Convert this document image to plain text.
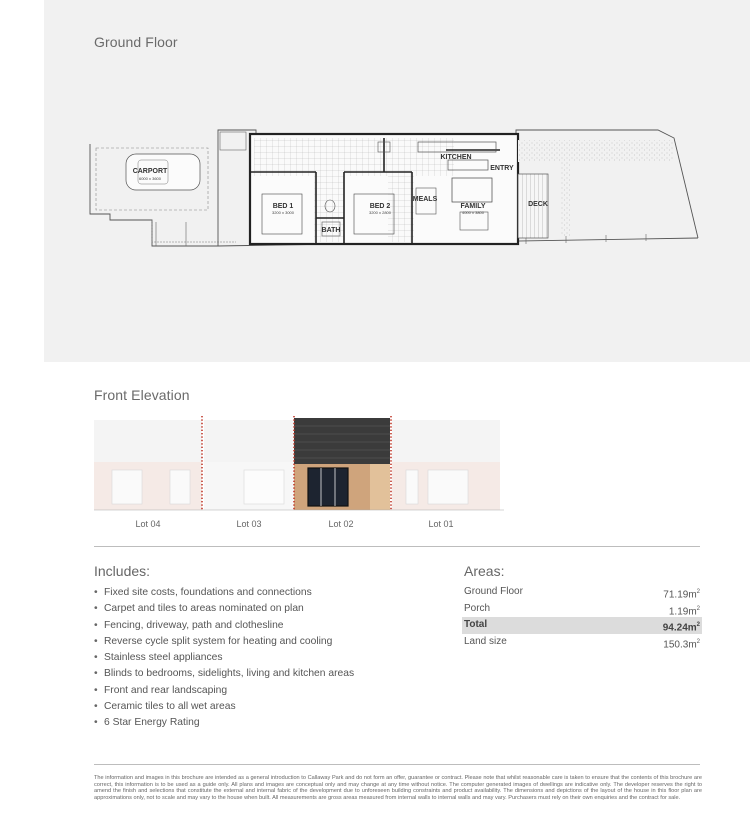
Ground Floor
CARPORT
6000 x 3600
BED 1
3200 x 3000
BATH
BED 2
3200 x 2800
KITCHEN
MEALS
FAMILY
4000 x 3800
ENTRY
DECK
Front Elevation
Lot 04	Lot 03	Lot 02	Lot 01
Includes:
• Fixed site costs, foundations and connections
• Carpet and tiles to areas nominated on plan
• Fencing, driveway, path and clothesline
• Reverse cycle split system for heating and cooling
• Stainless steel appliances
• Blinds to bedrooms, sidelights, living and kitchen areas
• Front and rear landscaping
• Ceramic tiles to all wet areas
• 6 Star Energy Rating
Areas:
Ground Floor	$71.19m^2$
Porch	$1.19m^2$
Total	$94.24m^2$
Land size	$150.3m^2$
The information and images in this brochure are intended as a general introduction to Callaway Park and do not form an offer, guarantee or contract. Please note that whilst reasonable care is taken to ensure that the contents of this brochure are correct, this information is to be used as a guide only. All plans and images are conceptual only and may change at any time without notice. The computer generated images of dwellings are indicative only. The developer reserves the right to amend the finish and selections that constitute the external and internal fabric of the development due to unforeseen building constraints and product availability. The dimensions and depictions of the layout of the house in this floor plan are approximations only, not to scale and may vary to the house when built. All measurements are gross areas measured from internal walls to internal walls and may vary. Purchasers must rely on their own enquiries and the contract for sale.
